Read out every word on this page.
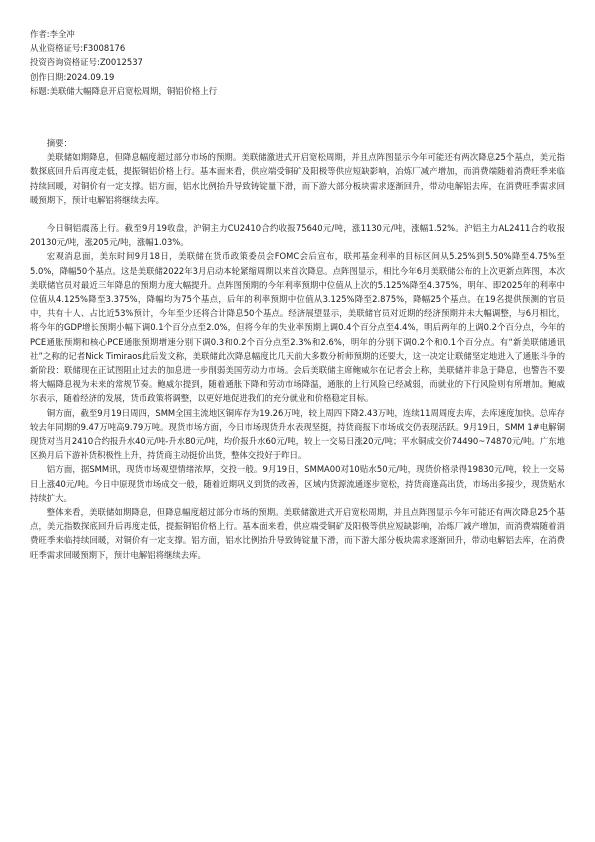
作者:李全冲
从业资格证号:F3008176
投资咨询资格证号:Z0012537
创作日期:2024.09.19
标题:美联储大幅降息开启宽松周期，铜铝价格上行

摘要：

美联储如期降息，但降息幅度超过部分市场的预期。美联储激进式开启宽松周期，并且点阵图显示今年可能还有两次降息25个基点，美元指数探底回升后再度走低，提振铜铝价格上行。基本面来看，供应端受铜矿及阳极等供应短缺影响，冶炼厂减产增加，而消费端随着消费旺季来临持续回暖，对铜价有一定支撑。铝方面，铝水比例抬升导致铸锭量下滑，而下游大部分板块需求逐渐回升，带动电解铝去库，在消费旺季需求回暖预期下，预计电解铝将继续去库。

今日铜铝震荡上行。截至9月19收盘，沪铜主力CU2410合约收报75640元/吨，涨1130元/吨，涨幅1.52%。沪铝主力AL2411合约收报20130元/吨，涨205元/吨，涨幅1.03%。

宏观消息面，美东时间9月18日，美联储在货币政策委员会FOMC会后宣布，联邦基金利率的目标区间从5.25%到5.50%降至4.75%至5.0%，降幅50个基点。这是美联储2022年3月启动本轮紧缩周期以来首次降息。点阵图显示，相比今年6月美联储公布的上次更新点阵图，本次美联储官员对最近三年降息的预期力度大幅提升。点阵图预期的今年利率预期中位值从上次的5.125%降至4.375%，明年、即2025年的利率中位值从4.125%降至3.375%，降幅均为75个基点，后年的利率预期中位值从3.125%降至2.875%，降幅25个基点。在19名提供预测的官员中，共有十人、占比近53%预计，今年至少还将合计降息50个基点。经济展望显示，美联储官员对近期的经济预期并未大幅调整，与6月相比，将今年的GDP增长预期小幅下调0.1个百分点至2.0%，但将今年的失业率预期上调0.4个百分点至4.4%，明后两年的上调0.2个百分点，今年的PCE通胀预期和核心PCE通胀预期增速分别下调0.3和0.2个百分点至2.3%和2.6%，明年的分别下调0.2个和0.1个百分点。有“新美联储通讯社”之称的记者Nick Timiraos此后发文称，美联储此次降息幅度比几天前大多数分析师预期的还要大，这一决定让联储坚定地进入了通胀斗争的新阶段：联储现在正试图阻止过去的加息进一步削弱美国劳动力市场。会后美联储主席鲍威尔在记者会上称，美联储并非急于降息，也警告不要将大幅降息视为未来的常规节奏。鲍威尔提到，随着通胀下降和劳动市场降温，通胀的上行风险已经减弱，而就业的下行风险则有所增加。鲍威尔表示，随着经济的发展，货币政策将调整，以更好地促进我们的充分就业和价格稳定目标。

铜方面，截至9月19日周四，SMM全国主流地区铜库存为19.26万吨，较上周四下降2.43万吨，连续11周周度去库，去库速度加快。总库存较去年同期的9.47万吨高9.79万吨。现货市场方面，今日市场现货升水表现坚挺，持货商报下市场成交仍表现活跃。9月19日，SMM 1#电解铜现货对当月2410合约报升水40元/吨-升水80元/吨，均价报升水60元/吨，较上一交易日涨20元/吨；平水铜成交价74490~74870元/吨。广东地区换月后下游补货积极性上升，持货商主动挺价出货，整体交投好于昨日。

铝方面，据SMM讯，现货市场观望情绪浓厚，交投一般。9月19日，SMMA00对10贴水50元/吨，现货价格录得19830元/吨，较上一交易日上涨40元/吨。今日中原现货市场成交一般，随着近期巩义到货的改善，区域内货源流通逐步宽松，持货商逢高出货，市场出多接少，现货贴水持续扩大。

整体来看，美联储如期降息，但降息幅度超过部分市场的预期。美联储激进式开启宽松周期，并且点阵图显示今年可能还有两次降息25个基点，美元指数探底回升后再度走低，提振铜铝价格上行。基本面来看，供应端受铜矿及阳极等供应短缺影响，冶炼厂减产增加，而消费端随着消费旺季来临持续回暖，对铜价有一定支撑。铝方面，铝水比例抬升导致铸锭量下滑，而下游大部分板块需求逐渐回升，带动电解铝去库，在消费旺季需求回暖预期下，预计电解铝将继续去库。
